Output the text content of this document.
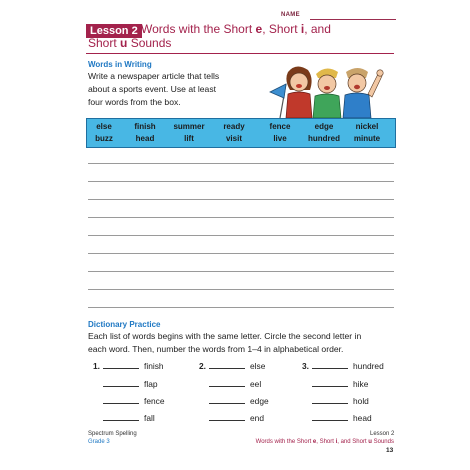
NAME
Lesson 2 Words with the Short e, Short i, and
Short u Sounds
Words in Writing
Write a newspaper article that tells
about a sports event. Use at least
four words from the box.
else	finish	summer	ready	fence	edge	nickel
buzz	head	lift	visit	live	hundred	minute
Dictionary Practice
Each list of words begins with the same letter. Circle the second letter in
each word. Then, number the words from 1–4 in alphabetical order.
1.	finish
flap
fence
fall
2.	else
eel
edge
end
3.	hundred
hike
hold
head
Spectrum Spelling
Grade 3
Lesson 2
Words with the Short e, Short i, and Short u Sounds
13
